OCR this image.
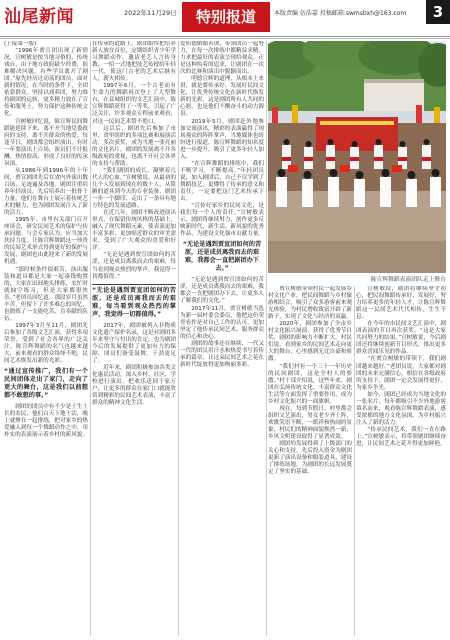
汕尾新闻	2022年11月29日	特别报道	本版责编 伍浩嘉 投稿邮箱:swmsbxh@163.com	3

(上接第一版)

“1996年贾宣团出现了新情况，宣树敏是按当地习俗的，传统戏台，由于地方政府缺少经费，很难解决问题，有些学员离开了剧团。”原先经历过动荡的团员，面对新的情况，在当时的条件下，全团依靠群众，坚持以戏养团，努力维持剧团的运转，更多精力放在了宣传和服务上，努力保护这种传统文化。

宣树敏回忆说，陈宣辉民间舞蹈能延续下来，离不开当地党委政府的支持，离不开群众的热爱。每逢节日，剧团都会组织演出，有时一年要演出上百场，演员们不计报酬，热情很高，形成了良好的传承氛围。

从1986年到1996年的十年间，贾宣剧团先后在省内外演出数百场，足迹遍及各地。剧团注重培养年轻演员，先后培养出一批骨干力量，他们在舞台上展示着传统艺术的魅力，也为剧团发展注入了新的活力。

1995年，市里有关部门召开座谈会，研究民间艺术的保护与传承问题。与会专家认为，应当加大扶持力度，让陈宣辉舞蹈这一珍贵的民间艺术形式得到更好的保护与发展，剧团也由此迎来了新的发展机遇。

“那时候条件很艰苦，演出服装和道具都是大家一起凑钱购置的，大家在田间地头排练，农忙时就抽空练习，但是大家都很快乐。”老团员回忆道，那段岁月虽然辛苦，但留下了许多难忘的回忆，也锻炼了一支能吃苦、肯奉献的队伍。

1997年3月至11月，剧团先后参加了各级文艺汇演，获得多项荣誉，受到了社会各界的广泛关注，陈宣辉舞蹈的名气也越来越大，前来观看的群众络绎不绝，民间艺术焕发出新的光彩。

“通过宣传推广，我们有一个民间团体走出了家门，走向了更大的舞台，这是我们以前想都不敢想的事。”

剧团的团员中有不少是土生土长的农民，他们白天下地干活，晚上就聚在一起排练，把对家乡的热爱融入到每一个舞蹈动作之中，用朴实的表演展示着乡村的新风貌。

在传承的道路上，剧团始终把培养新人放在首位，定期组织青少年学习舞蹈动作，邀请老艺人言传身教，一招一式地把技艺传授给年轻一代，使这门古老的艺术后继有人，薪火相传。

1997年6月，一个古老而有生命力的舞蹈再次登上了大型舞台，在县城组织的文艺汇演中，陈宣辉舞蹈获得了一等奖，引起了广泛关注，许多观众专程前来观看，对这一民间艺术赞不绝口。

这以后，剧团先后参加了市里、省里组织的多项比赛和展演活动，多次获奖，成为当地一张亮丽的文化名片。剧团的发展离不开各级政府的重视，也离不开社会各界的支持与帮助。

“我们剧团的成长，凝聚着几代人的心血。”宣树敏说，从最初的几个人发展到现在的数十人，从简陋的道具到今天的专业装备，剧团一步一个脚印，走出了一条具有地方特色的发展道路。

在近几年，剧团不断改进演出形式，在保留传统风格的基础上，融入了现代舞蹈元素，使表演更加丰富多彩，更加贴近群众的审美需求，受到了广大观众的喜爱和好评。

“无论是遇到贾宣团如何的苦涩，还是成员离我而去的艰难，每当看到观众热烈的掌声，我觉得一切都值得。”

“无论是遇到贾宣团如何的苦涩，还是成员离我而去的艰难，每当看到观众热烈的掌声，我觉得一切都值得。”

2017年，剧团被列入非物质文化遗产保护名录，这是对剧团多年来坚守与付出的肯定，也为剧团今后的发展提供了更加有力的保障，团员们备受鼓舞，干劲更足了。

近年来，剧团积极参加各类文化惠民活动，深入乡村、社区、学校进行演出，把欢乐送到千家万户，让更多的群众在家门口就能欣赏到精彩的民间艺术表演，丰富了群众的精神文化生活。

爱积德循循善诱，带领团员一起努力，在每一次排练中都精益求精，力求把最好的表演呈现给观众。正是这种执着的追求，让剧团在一次次的比赛和演出中脱颖而出。

明德宣辉的道理，从根本上来讲，就是要传承好、发展好民间文化，让优秀传统文化在新时代焕发新的光彩，这是剧团所有人共同的心愿，也是他们不懈奋斗的动力源泉。

2019年5月，剧团赴外地参加交流演出，精彩的表演赢得了现场观众的阵阵掌声，当地媒体也纷纷进行报道，陈宣辉舞蹈的知名度进一步提升，吸引了更多年轻人加入。

“在宣辉舞蹈的排练中，我们不断学习，不断提高。”年轻团员说，加入剧团后，自己不仅学到了舞蹈技艺，更懂得了传承的意义和责任，一定要把这门艺术传承下去。

“宣传好家乡的民间文化，是我们每一个人的责任。”宣树敏表示，剧团将继续努力，创作更多反映新时代、新生活、新风貌的优秀作品，为建设文化强市贡献力量。

“无论是遇到贾宣团如何的苦涩，还是成员离我而去的艰难，我都会一直把剧团办下去。”

“无论是遇到贾宣团如何的苦涩，还是成员离我而去的艰难，我都会一直把剧团办下去，让更多人了解我们的文化。”

2017年11月，贾宣树敏当选为新一届村委会委员，他把这份荣誉看作是对自己工作的认可，更加坚定了他传承民间艺术、服务群众的信心和决心。

剧团的故事还在继续，一代又一代的团员用汗水和热爱书写着传承的篇章，让这朵民间艺术之花在新时代绽放得更加绚丽多彩。

陈宣辉舞蹈表演团队走上舞台

贾宣树敏带领村民一起发展乡村文化产业，把民间舞蹈与乡村旅游相结合，吸引了众多游客前来观光体验，为村民增收致富开辟了新路子，实现了文化与经济的双赢。

2020年，剧团参加了全市乡村文化振兴展演，获得了优秀节目奖，剧团的影响力不断扩大。村民们说，看到家乡的民间艺术走向更大的舞台，心里感到无比自豪和骄傲。

“我们村有一个三十一年历史的民间剧团，这是全村人的骄傲。”村干部介绍说，这些年来，剧团在弘扬传统文化、丰富群众文化生活等方面发挥了重要作用，成为乡村文化振兴的一面旗帜。

现在，每到节假日，村里都会组织文艺演出，男女老少齐上阵，欢歌笑语不断，一派祥和热闹的景象，村民们的精神面貌焕然一新，乡风文明建设取得了显著成效。

剧团的发展得到了上级部门的关心和支持，先后投入资金为剧团更新了演出设备和服装道具，建设了排练场地，为剧团的长远发展奠定了坚实的基础。

宣树敏说，剧团将继续坚守初心，把民间舞蹈传承好、发展好，努力培养更多的年轻人才，让陈宣辉舞蹈这一民间艺术代代相传，生生不息。

在今年的市民间文艺汇演中，剧团表演的节目再次获奖。“这是大家共同努力的结果。”宣树敏说，今后剧团还将继续创新节目形式，推出更多群众喜闻乐见的作品。

“在贾宣树敏的带领下，我们剧团越来越好。”老团员说，大家都对剧团的未来充满信心，相信在各级政府的支持下，剧团一定会发展得更好，为家乡争光。

如今，剧团已经成为当地文化的一张名片，每年都吸引不少外地游客慕名而来，观看陈宣辉舞蹈表演，感受浓郁的地方文化氛围，为乡村振兴注入了新的活力。

“传承民间艺术，我们一直在路上。”宣树敏表示，将带领剧团继续奋进，让民间艺术之花开得更加鲜艳。
